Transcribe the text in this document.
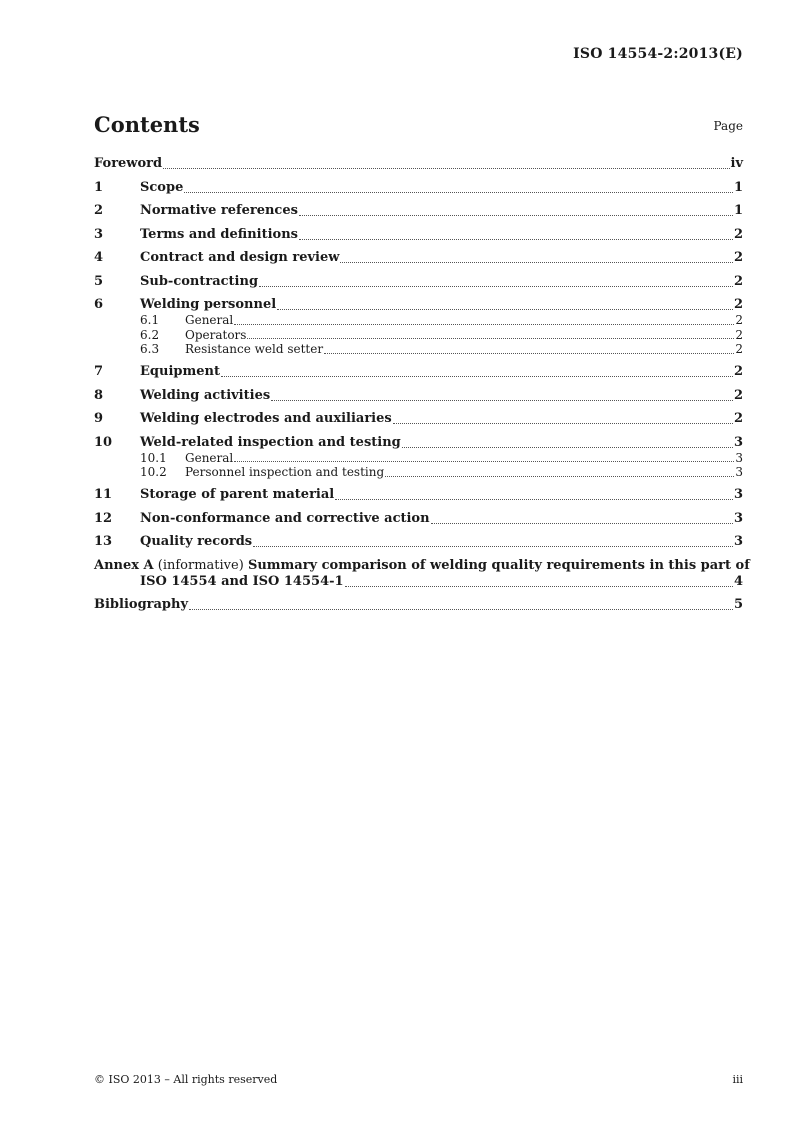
ISO 14554-2:2013(E)
Contents	Page
Foreword	iv
1	Scope	1
2	Normative references	1
3	Terms and definitions	2
4	Contract and design review	2
5	Sub-contracting	2
6	Welding personnel	2
6.1	General	2
6.2	Operators	2
6.3	Resistance weld setter	2
7	Equipment	2
8	Welding activities	2
9	Welding electrodes and auxiliaries	2
10	Weld-related inspection and testing	3
10.1	General	3
10.2	Personnel inspection and testing	3
11	Storage of parent material	3
12	Non-conformance and corrective action	3
13	Quality records	3
Annex A (informative) Summary comparison of welding quality requirements in this part of
ISO 14554 and ISO 14554-1	4
Bibliography	5
© ISO 2013 – All rights reserved	iii
